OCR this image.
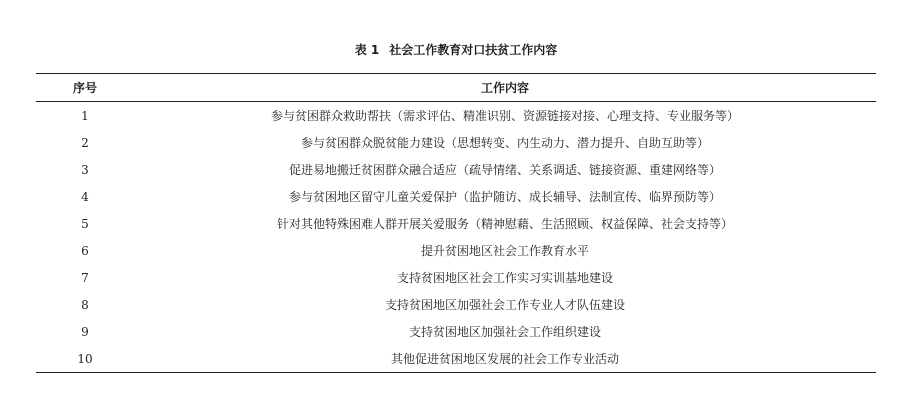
表 1 社会工作教育对口扶贫工作内容
序号	工作内容
1	参与贫困群众救助帮扶（需求评估、精准识别、资源链接对接、心理支持、专业服务等）
2	参与贫困群众脱贫能力建设（思想转变、内生动力、潜力提升、自助互助等）
3	促进易地搬迁贫困群众融合适应（疏导情绪、关系调适、链接资源、重建网络等）
4	参与贫困地区留守儿童关爱保护（监护随访、成长辅导、法制宣传、临界预防等）
5	针对其他特殊困难人群开展关爱服务（精神慰藉、生活照顾、权益保障、社会支持等）
6	提升贫困地区社会工作教育水平
7	支持贫困地区社会工作实习实训基地建设
8	支持贫困地区加强社会工作专业人才队伍建设
9	支持贫困地区加强社会工作组织建设
10	其他促进贫困地区发展的社会工作专业活动
